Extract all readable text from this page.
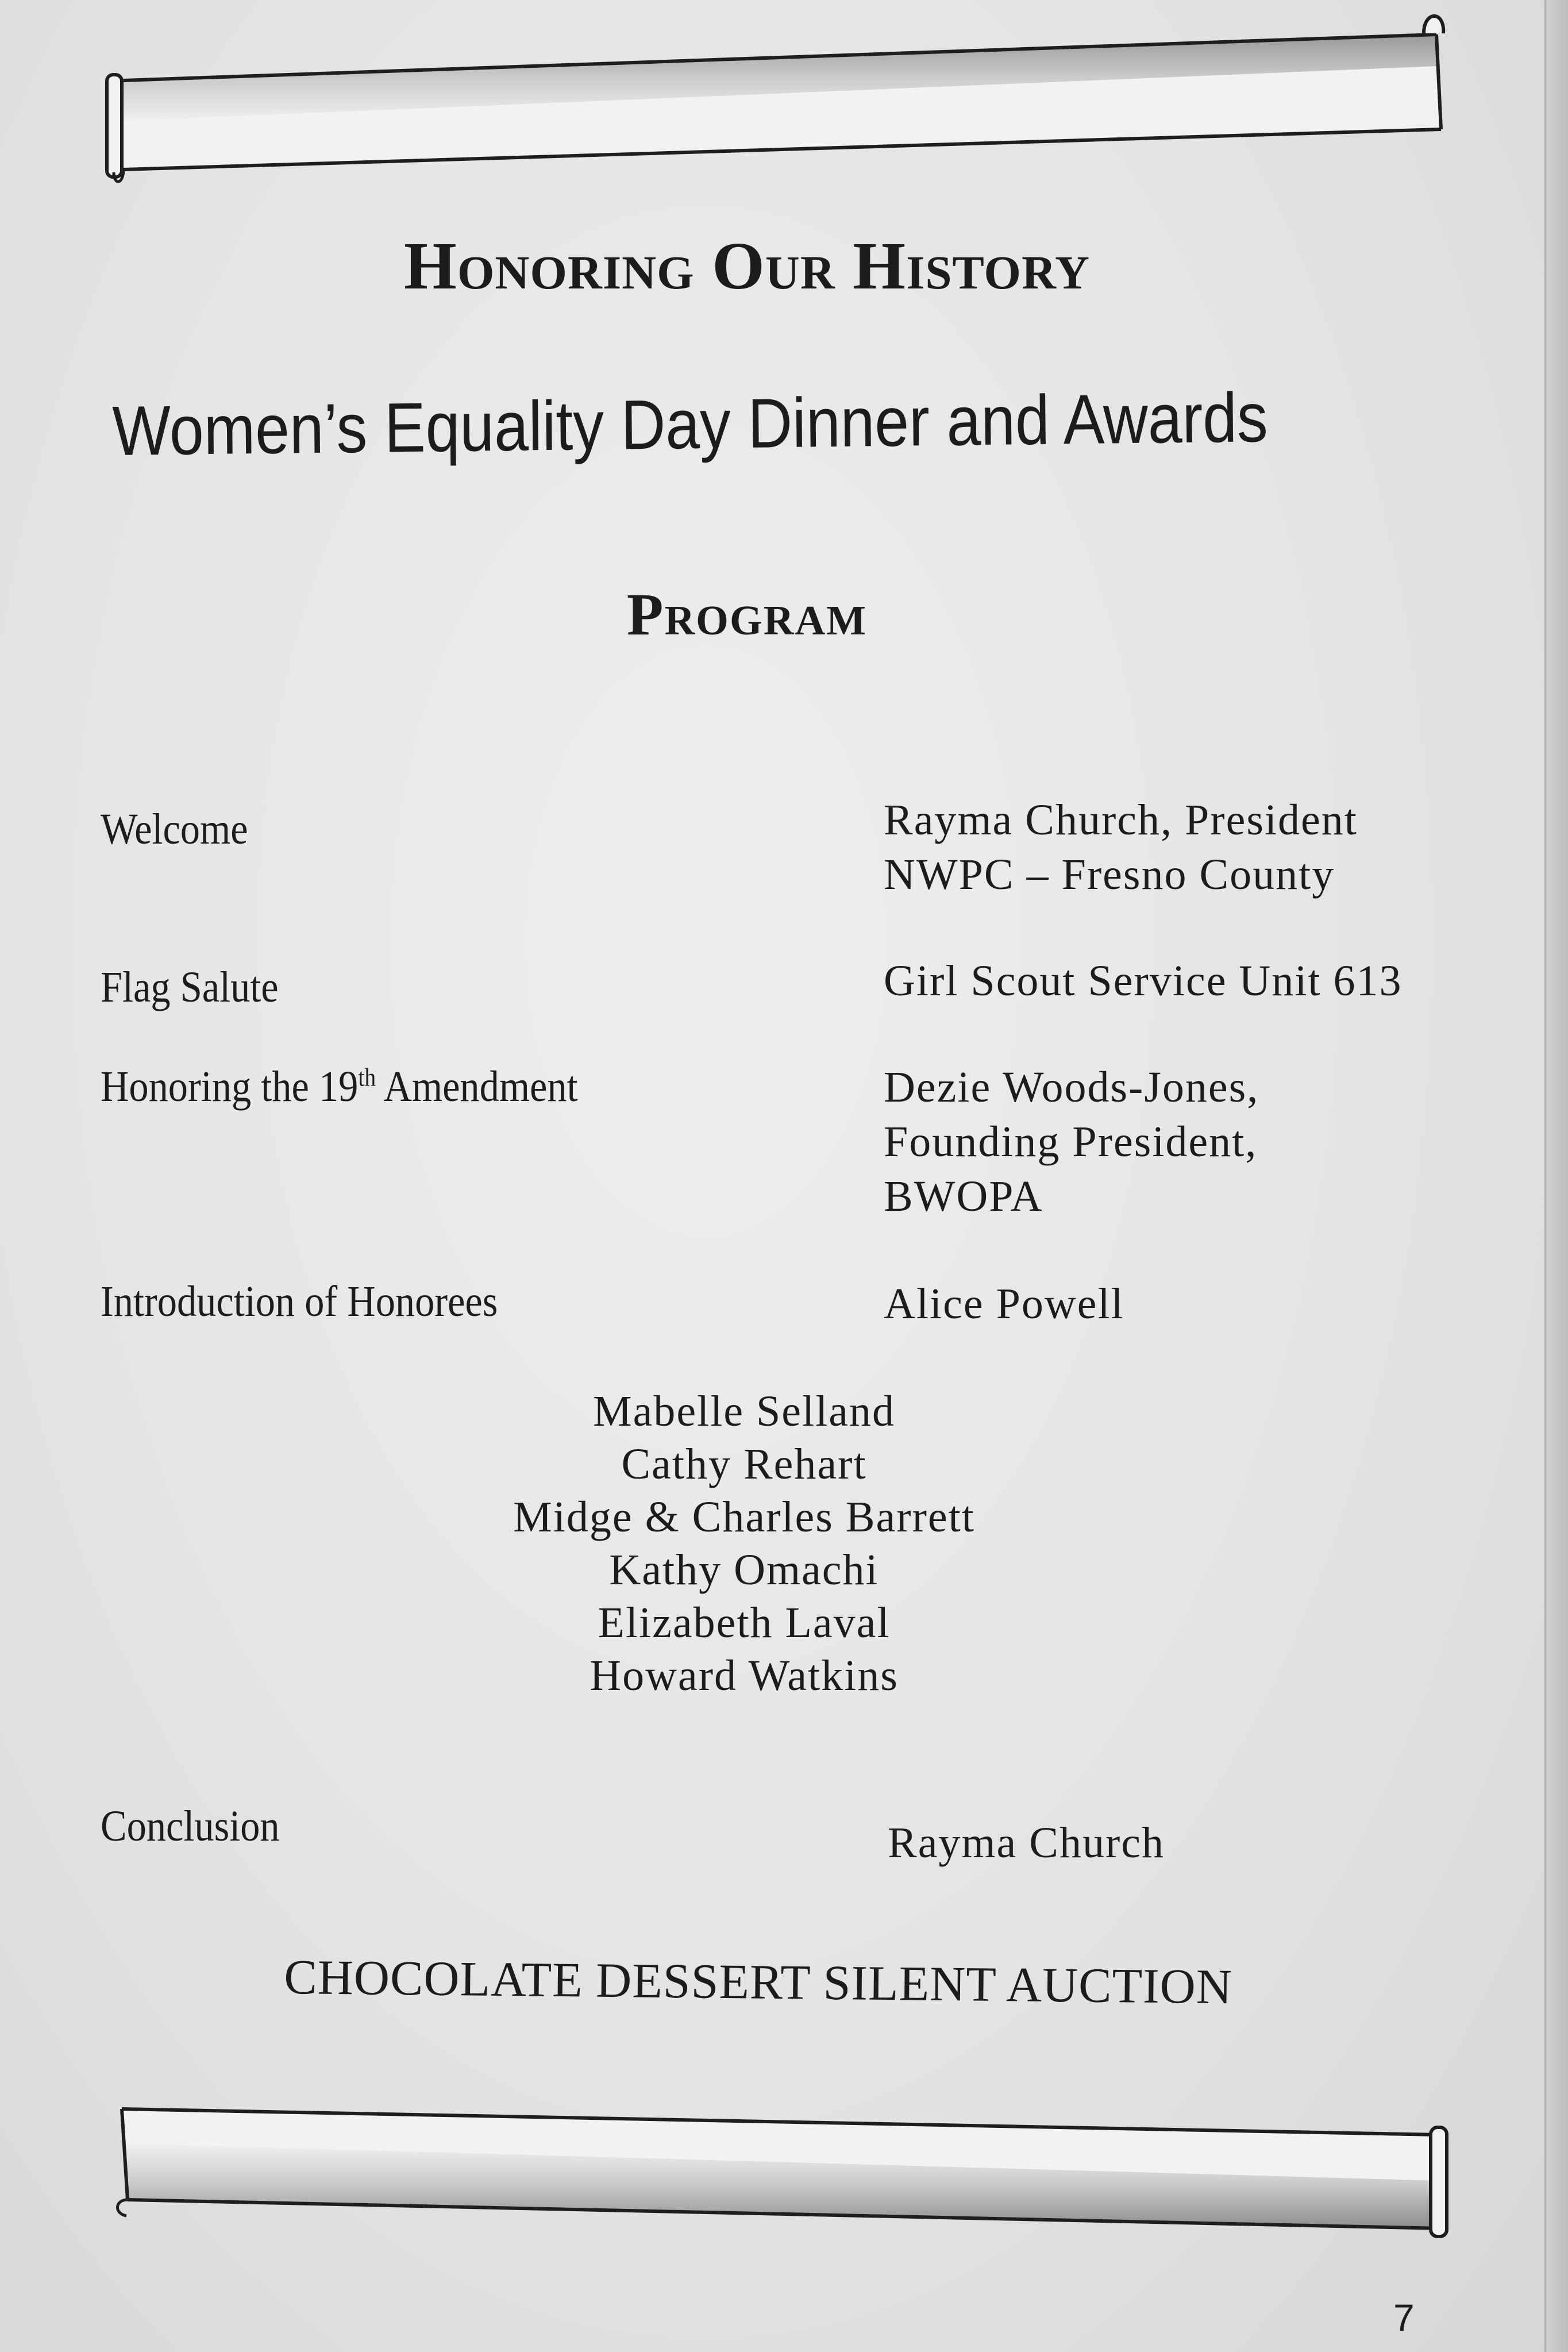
Honoring Our History
Women’s Equality Day Dinner and Awards
Program
Welcome	Rayma Church, President
NWPC – Fresno County
Flag Salute	Girl Scout Service Unit 613
Honoring the 19th Amendment	Dezie Woods-Jones,
Founding President,
BWOPA
Introduction of Honorees	Alice Powell
Mabelle Selland
Cathy Rehart
Midge & Charles Barrett
Kathy Omachi
Elizabeth Laval
Howard Watkins
Conclusion	Rayma Church
CHOCOLATE DESSERT SILENT AUCTION
7
